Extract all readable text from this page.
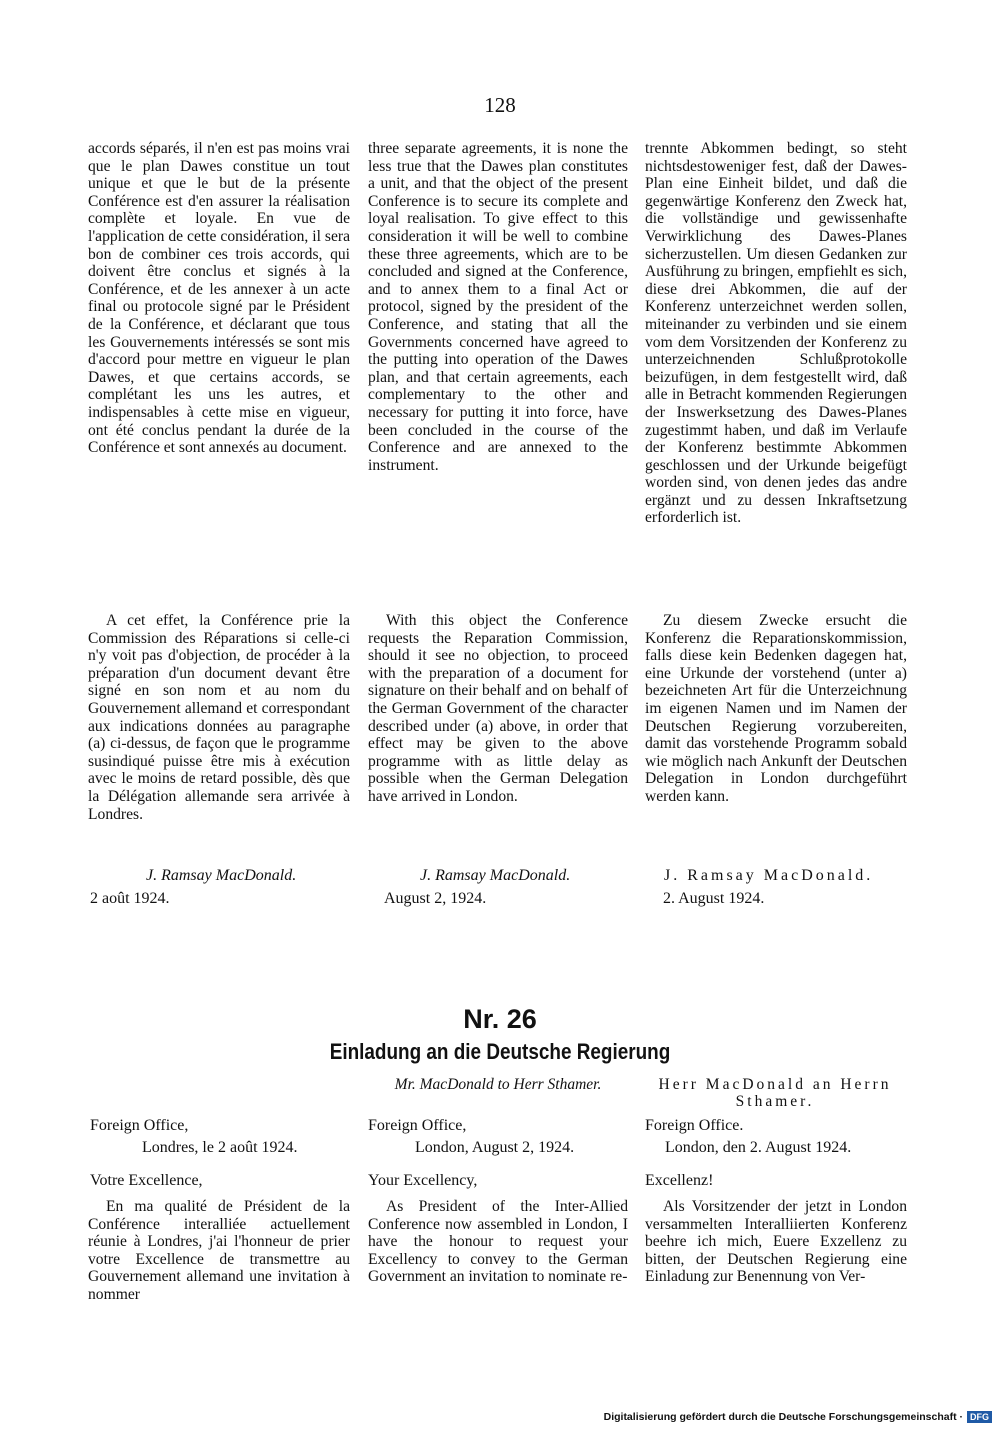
128

accords séparés, il n'en est pas moins vrai que le plan Dawes constitue un tout unique et que le but de la présente Conférence est d'en assurer la réalisation complète et loyale. En vue de l'application de cette considération, il sera bon de combiner ces trois accords, qui doivent être conclus et signés à la Conférence, et de les annexer à un acte final ou protocole signé par le Président de la Conférence, et déclarant que tous les Gouvernements intéressés se sont mis d'accord pour mettre en vigueur le plan Dawes, et que certains accords, se complétant les uns les autres, et indispensables à cette mise en vigueur, ont été conclus pendant la durée de la Conférence et sont annexés au document.

three separate agreements, it is none the less true that the Dawes plan constitutes a unit, and that the object of the present Conference is to secure its complete and loyal realisation. To give effect to this consideration it will be well to combine these three agreements, which are to be concluded and signed at the Conference, and to annex them to a final Act or protocol, signed by the president of the Conference, and stating that all the Governments concerned have agreed to the putting into operation of the Dawes plan, and that certain agreements, each complementary to the other and necessary for putting it into force, have been concluded in the course of the Conference and are annexed to the instrument.

trennte Abkommen bedingt, so steht nichtsdestoweniger fest, daß der Dawes-Plan eine Einheit bildet, und daß die gegenwärtige Konferenz den Zweck hat, die vollständige und gewissenhafte Verwirklichung des Dawes-Planes sicherzustellen. Um diesen Gedanken zur Ausführung zu bringen, empfiehlt es sich, diese drei Abkommen, die auf der Konferenz unterzeichnet werden sollen, miteinander zu verbinden und sie einem vom dem Vorsitzenden der Konferenz zu unterzeichnenden Schlußprotokolle beizufügen, in dem festgestellt wird, daß alle in Betracht kommenden Regierungen der Inswerksetzung des Dawes-Planes zugestimmt haben, und daß im Verlaufe der Konferenz bestimmte Abkommen geschlossen und der Urkunde beigefügt worden sind, von denen jedes das andre ergänzt und zu dessen Inkraftsetzung erforderlich ist.

A cet effet, la Conférence prie la Commission des Réparations si celle-ci n'y voit pas d'objection, de procéder à la préparation d'un document devant être signé en son nom et au nom du Gouvernement allemand et correspondant aux indications données au paragraphe (a) ci-dessus, de façon que le programme susindiqué puisse être mis à exécution avec le moins de retard possible, dès que la Délégation allemande sera arrivée à Londres.

With this object the Conference requests the Reparation Commission, should it see no objection, to proceed with the preparation of a document for signature on their behalf and on behalf of the German Government of the character described under (a) above, in order that effect may be given to the above programme with as little delay as possible when the German Delegation have arrived in London.

Zu diesem Zwecke ersucht die Konferenz die Reparationskommission, falls diese kein Bedenken dagegen hat, eine Urkunde der vorstehend (unter a) bezeichneten Art für die Unterzeichnung im eigenen Namen und im Namen der Deutschen Regierung vorzubereiten, damit das vorstehende Programm sobald wie möglich nach Ankunft der Deutschen Delegation in London durchgeführt werden kann.

J. Ramsay MacDonald.	J. Ramsay MacDonald.	J. Ramsay MacDonald.
2 août 1924.	August 2, 1924.	2. August 1924.
Nr. 26
Einladung an die Deutsche Regierung
Mr. MacDonald to Herr Sthamer.	Herr MacDonald an Herrn Sthamer.
Foreign Office,	Foreign Office,	Foreign Office.
Londres, le 2 août 1924.	London, August 2, 1924.	London, den 2. August 1924.
Votre Excellence,	Your Excellency,	Excellenz!

En ma qualité de Président de la Conférence interalliée actuellement réunie à Londres, j'ai l'honneur de prier votre Excellence de transmettre au Gouvernement allemand une invitation à nommer

As President of the Inter-Allied Conference now assembled in London, I have the honour to request your Excellency to convey to the German Government an invitation to nominate re-

Als Vorsitzender der jetzt in London versammelten Interalliierten Konferenz beehre ich mich, Euere Exzellenz zu bitten, der Deutschen Regierung eine Einladung zur Benennung von Ver-

Digitalisierung gefördert durch die Deutsche Forschungsgemeinschaft · DFG
